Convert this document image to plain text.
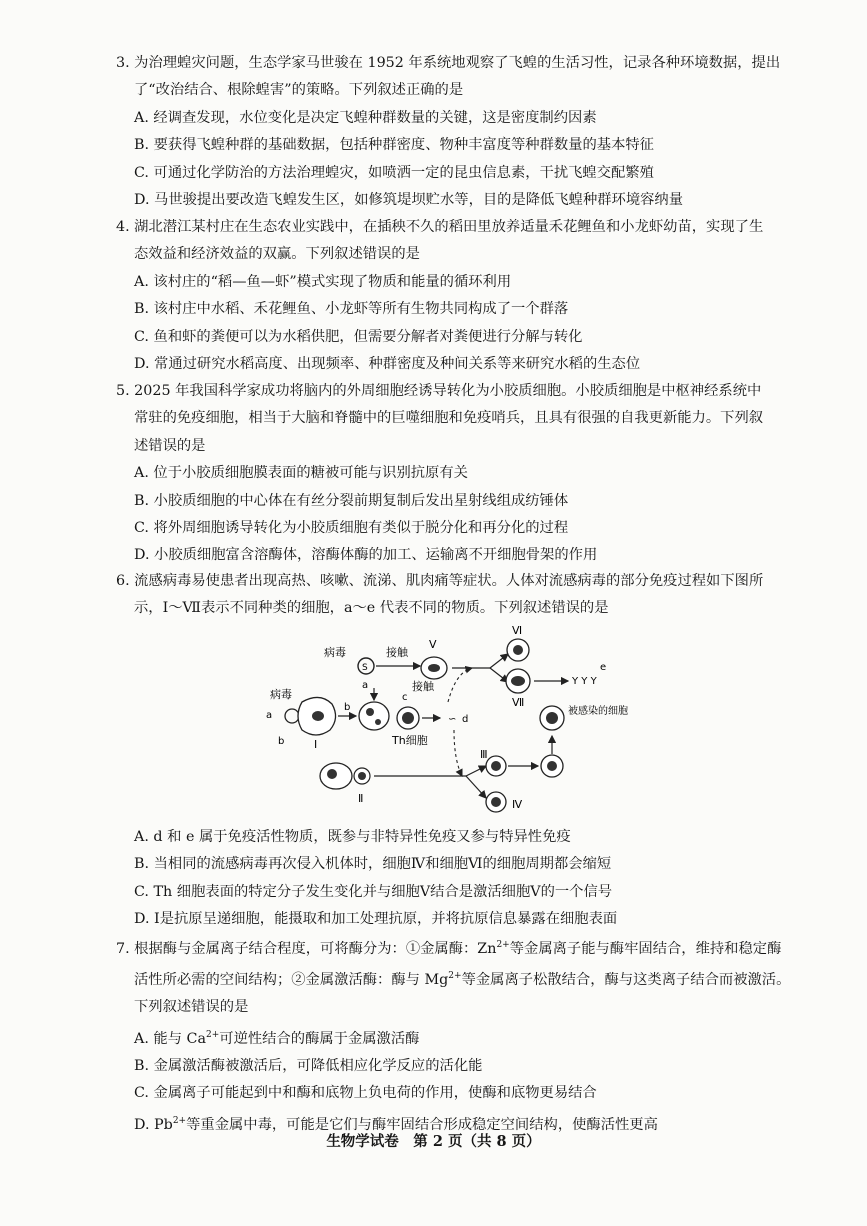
3. 为治理蝗灾问题，生态学家马世骏在 1952 年系统地观察了飞蝗的生活习性，记录各种环境数据，提出
了“改治结合、根除蝗害”的策略。下列叙述正确的是
A. 经调查发现，水位变化是决定飞蝗种群数量的关键，这是密度制约因素
B. 要获得飞蝗种群的基础数据，包括种群密度、物种丰富度等种群数量的基本特征
C. 可通过化学防治的方法治理蝗灾，如喷洒一定的昆虫信息素，干扰飞蝗交配繁殖
D. 马世骏提出要改造飞蝗发生区，如修筑堤坝贮水等，目的是降低飞蝗种群环境容纳量
4. 湖北潜江某村庄在生态农业实践中，在插秧不久的稻田里放养适量禾花鲤鱼和小龙虾幼苗，实现了生
态效益和经济效益的双赢。下列叙述错误的是
A. 该村庄的“稻—鱼—虾”模式实现了物质和能量的循环利用
B. 该村庄中水稻、禾花鲤鱼、小龙虾等所有生物共同构成了一个群落
C. 鱼和虾的粪便可以为水稻供肥，但需要分解者对粪便进行分解与转化
D. 常通过研究水稻高度、出现频率、种群密度及种间关系等来研究水稻的生态位
5. 2025 年我国科学家成功将脑内的外周细胞经诱导转化为小胶质细胞。小胶质细胞是中枢神经系统中
常驻的免疫细胞，相当于大脑和脊髓中的巨噬细胞和免疫哨兵，且具有很强的自我更新能力。下列叙
述错误的是
A. 位于小胶质细胞膜表面的糖被可能与识别抗原有关
B. 小胶质细胞的中心体在有丝分裂前期复制后发出星射线组成纺锤体
C. 将外周细胞诱导转化为小胶质细胞有类似于脱分化和再分化的过程
D. 小胶质细胞富含溶酶体，溶酶体酶的加工、运输离不开细胞骨架的作用
6. 流感病毒易使患者出现高热、咳嗽、流涕、肌肉痛等症状。人体对流感病毒的部分免疫过程如下图所
示，Ⅰ～Ⅶ表示不同种类的细胞，a～e 代表不同的物质。下列叙述错误的是
病毒
S
a
接触
Ⅴ
Ⅵ
Ⅶ
Y Y Y
e
病毒
a
b	Ⅰ
b
c
接触
Th细胞
∽ d
被感染的细胞
Ⅱ
Ⅲ
Ⅳ
A. d 和 e 属于免疫活性物质，既参与非特异性免疫又参与特异性免疫
B. 当相同的流感病毒再次侵入机体时，细胞Ⅳ和细胞Ⅵ的细胞周期都会缩短
C. Th 细胞表面的特定分子发生变化并与细胞Ⅴ结合是激活细胞Ⅴ的一个信号
D. Ⅰ是抗原呈递细胞，能摄取和加工处理抗原，并将抗原信息暴露在细胞表面
7. 根据酶与金属离子结合程度，可将酶分为：①金属酶：$Zn^{2+}$等金属离子能与酶牢固结合，维持和稳定酶
活性所必需的空间结构；②金属激活酶：酶与 $Mg^{2+}$等金属离子松散结合，酶与这类离子结合而被激活。
下列叙述错误的是
A. 能与 $Ca^{2+}$可逆性结合的酶属于金属激活酶
B. 金属激活酶被激活后，可降低相应化学反应的活化能
C. 金属离子可能起到中和酶和底物上负电荷的作用，使酶和底物更易结合
D. $Pb^{2+}$等重金属中毒，可能是它们与酶牢固结合形成稳定空间结构，使酶活性更高
生物学试卷　第 2 页（共 8 页）
